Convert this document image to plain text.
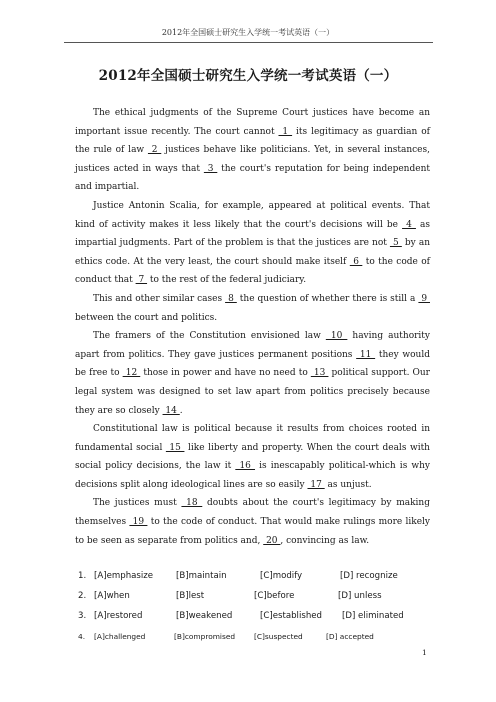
2012年全国硕士研究生入学统一考试英语（一）
2012年全国硕士研究生入学统一考试英语（一）

The ethical judgments of the Supreme Court justices have become an important issue recently. The court cannot  1  its legitimacy as guardian of the rule of law  2  justices behave like politicians. Yet, in several instances, justices acted in ways that  3  the court's reputation for being independent and impartial.

Justice Antonin Scalia, for example, appeared at political events. That kind of activity makes it less likely that the court's decisions will be  4  as impartial judgments. Part of the problem is that the justices are not  5  by an ethics code. At the very least, the court should make itself  6  to the code of conduct that  7  to the rest of the federal judiciary.

This and other similar cases  8  the question of whether there is still a  9  between the court and politics.

The framers of the Constitution envisioned law  10  having authority apart from politics. They gave justices permanent positions  11  they would be free to  12  those in power and have no need to  13  political support. Our legal system was designed to set law apart from politics precisely because they are so closely  14 .

Constitutional law is political because it results from choices rooted in fundamental social  15  like liberty and property. When the court deals with social policy decisions, the law it  16  is inescapably political-which is why decisions split along ideological lines are so easily  17  as unjust.

The justices must  18  doubts about the court's legitimacy by making themselves  19  to the code of conduct. That would make rulings more likely to be seen as separate from politics and,  20 , convincing as law.

1. [A]emphasize	[B]maintain	[C]modify	[D] recognize
2. [A]when	[B]lest	[C]before	[D] unless
3. [A]restored	[B]weakened	[C]established	[D] eliminated
4.	[A]challenged	[B]compromised	[C]suspected	[D] accepted
1
